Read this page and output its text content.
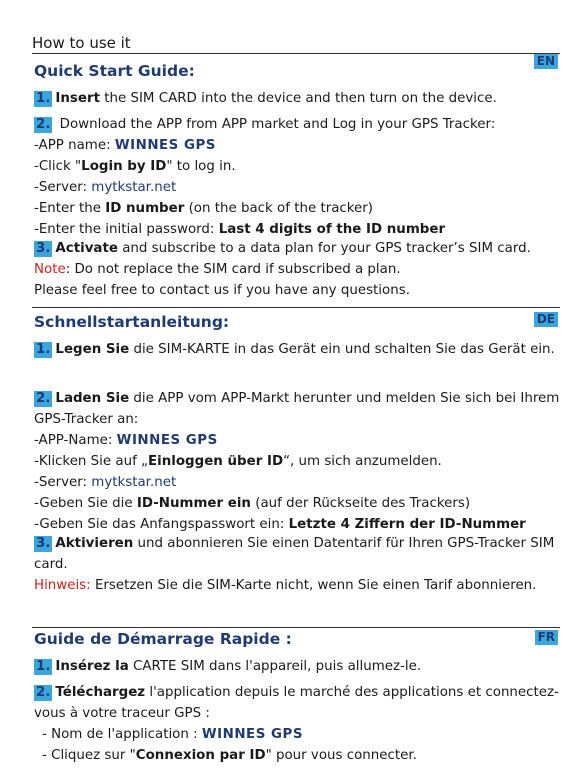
How to use it
Quick Start Guide:
EN
1. Insert the SIM CARD into the device and then turn on the device.
2. Download the APP from APP market and Log in your GPS Tracker:
-APP name: WINNES GPS
-Click "Login by ID" to log in.
-Server: mytkstar.net
-Enter the ID number (on the back of the tracker)
-Enter the initial password: Last 4 digits of the ID number
3. Activate and subscribe to a data plan for your GPS tracker’s SIM card.
Note: Do not replace the SIM card if subscribed a plan.
Please feel free to contact us if you have any questions.
Schnellstartanleitung:	DE
1. Legen Sie die SIM-KARTE in das Gerät ein und schalten Sie das Gerät ein.
2. Laden Sie die APP vom APP-Markt herunter und melden Sie sich bei Ihrem GPS-Tracker an:
-APP-Name: WINNES GPS
-Klicken Sie auf „Einloggen über ID“, um sich anzumelden.
-Server: mytkstar.net
-Geben Sie die ID-Nummer ein (auf der Rückseite des Trackers)
-Geben Sie das Anfangspasswort ein: Letzte 4 Ziffern der ID-Nummer
3. Aktivieren und abonnieren Sie einen Datentarif für Ihren GPS-Tracker SIM card.
Hinweis: Ersetzen Sie die SIM-Karte nicht, wenn Sie einen Tarif abonnieren.
Guide de Démarrage Rapide :	FR
1. Insérez la CARTE SIM dans l'appareil, puis allumez-le.
2. Téléchargez l'application depuis le marché des applications et connectez-vous à votre traceur GPS :
- Nom de l'application : WINNES GPS
- Cliquez sur "Connexion par ID" pour vous connecter.
